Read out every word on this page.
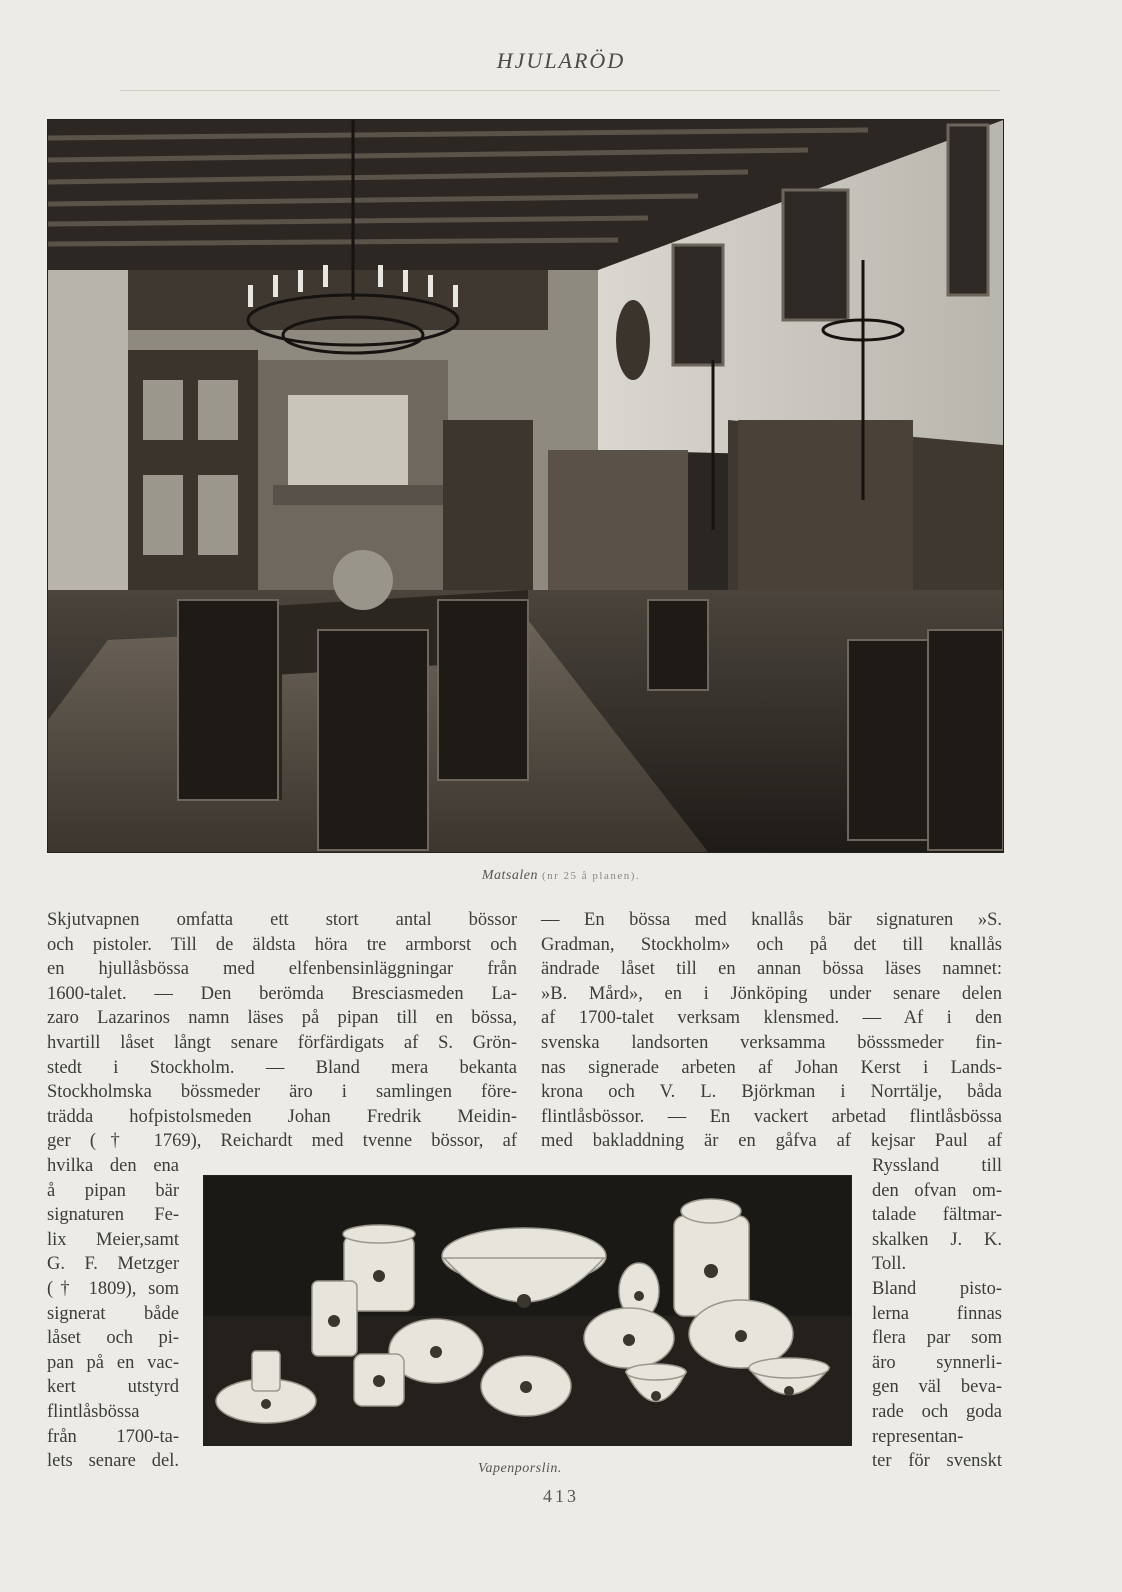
HJULARÖD
Matsalen (nr 25 å planen).
Skjutvapnen omfatta ett stort antal bössor
och pistoler. Till de äldsta höra tre armborst och
en hjullåsbössa med elfenbensinläggningar från
1600-talet. — Den berömda Bresciasmeden La-
zaro Lazarinos namn läses på pipan till en bössa,
hvartill låset långt senare förfärdigats af S. Grön-
stedt i Stockholm. — Bland mera bekanta
Stockholmska bössmeder äro i samlingen före-
trädda hofpistolsmeden Johan Fredrik Meidin-
ger († 1769), Reichardt med tvenne bössor, af
— En bössa med knallås bär signaturen »S.
Gradman, Stockholm» och på det till knallås
ändrade låset till en annan bössa läses namnet:
»B. Mård», en i Jönköping under senare delen
af 1700-talet verksam klensmed. — Af i den
svenska landsorten verksamma bösssmeder fin-
nas signerade arbeten af Johan Kerst i Lands-
krona och V. L. Björkman i Norrtälje, båda
flintlåsbössor. — En vackert arbetad flintlåsbössa
med bakladdning är en gåfva af kejsar Paul af
hvilka den ena
å pipan bär
signaturen Fe-
lix Meier,samt
G. F. Metzger
(† 1809), som
signerat både
låset och pi-
pan på en vac-
kert utstyrd
flintlåsbössa
från 1700-ta-
lets senare del.
Ryssland till
den ofvan om-
talade fältmar-
skalken J. K.
Toll.
Bland pisto-
lerna finnas
flera par som
äro synnerli-
gen väl beva-
rade och goda
representan-
ter för svenskt
Vapenporslin.
413
